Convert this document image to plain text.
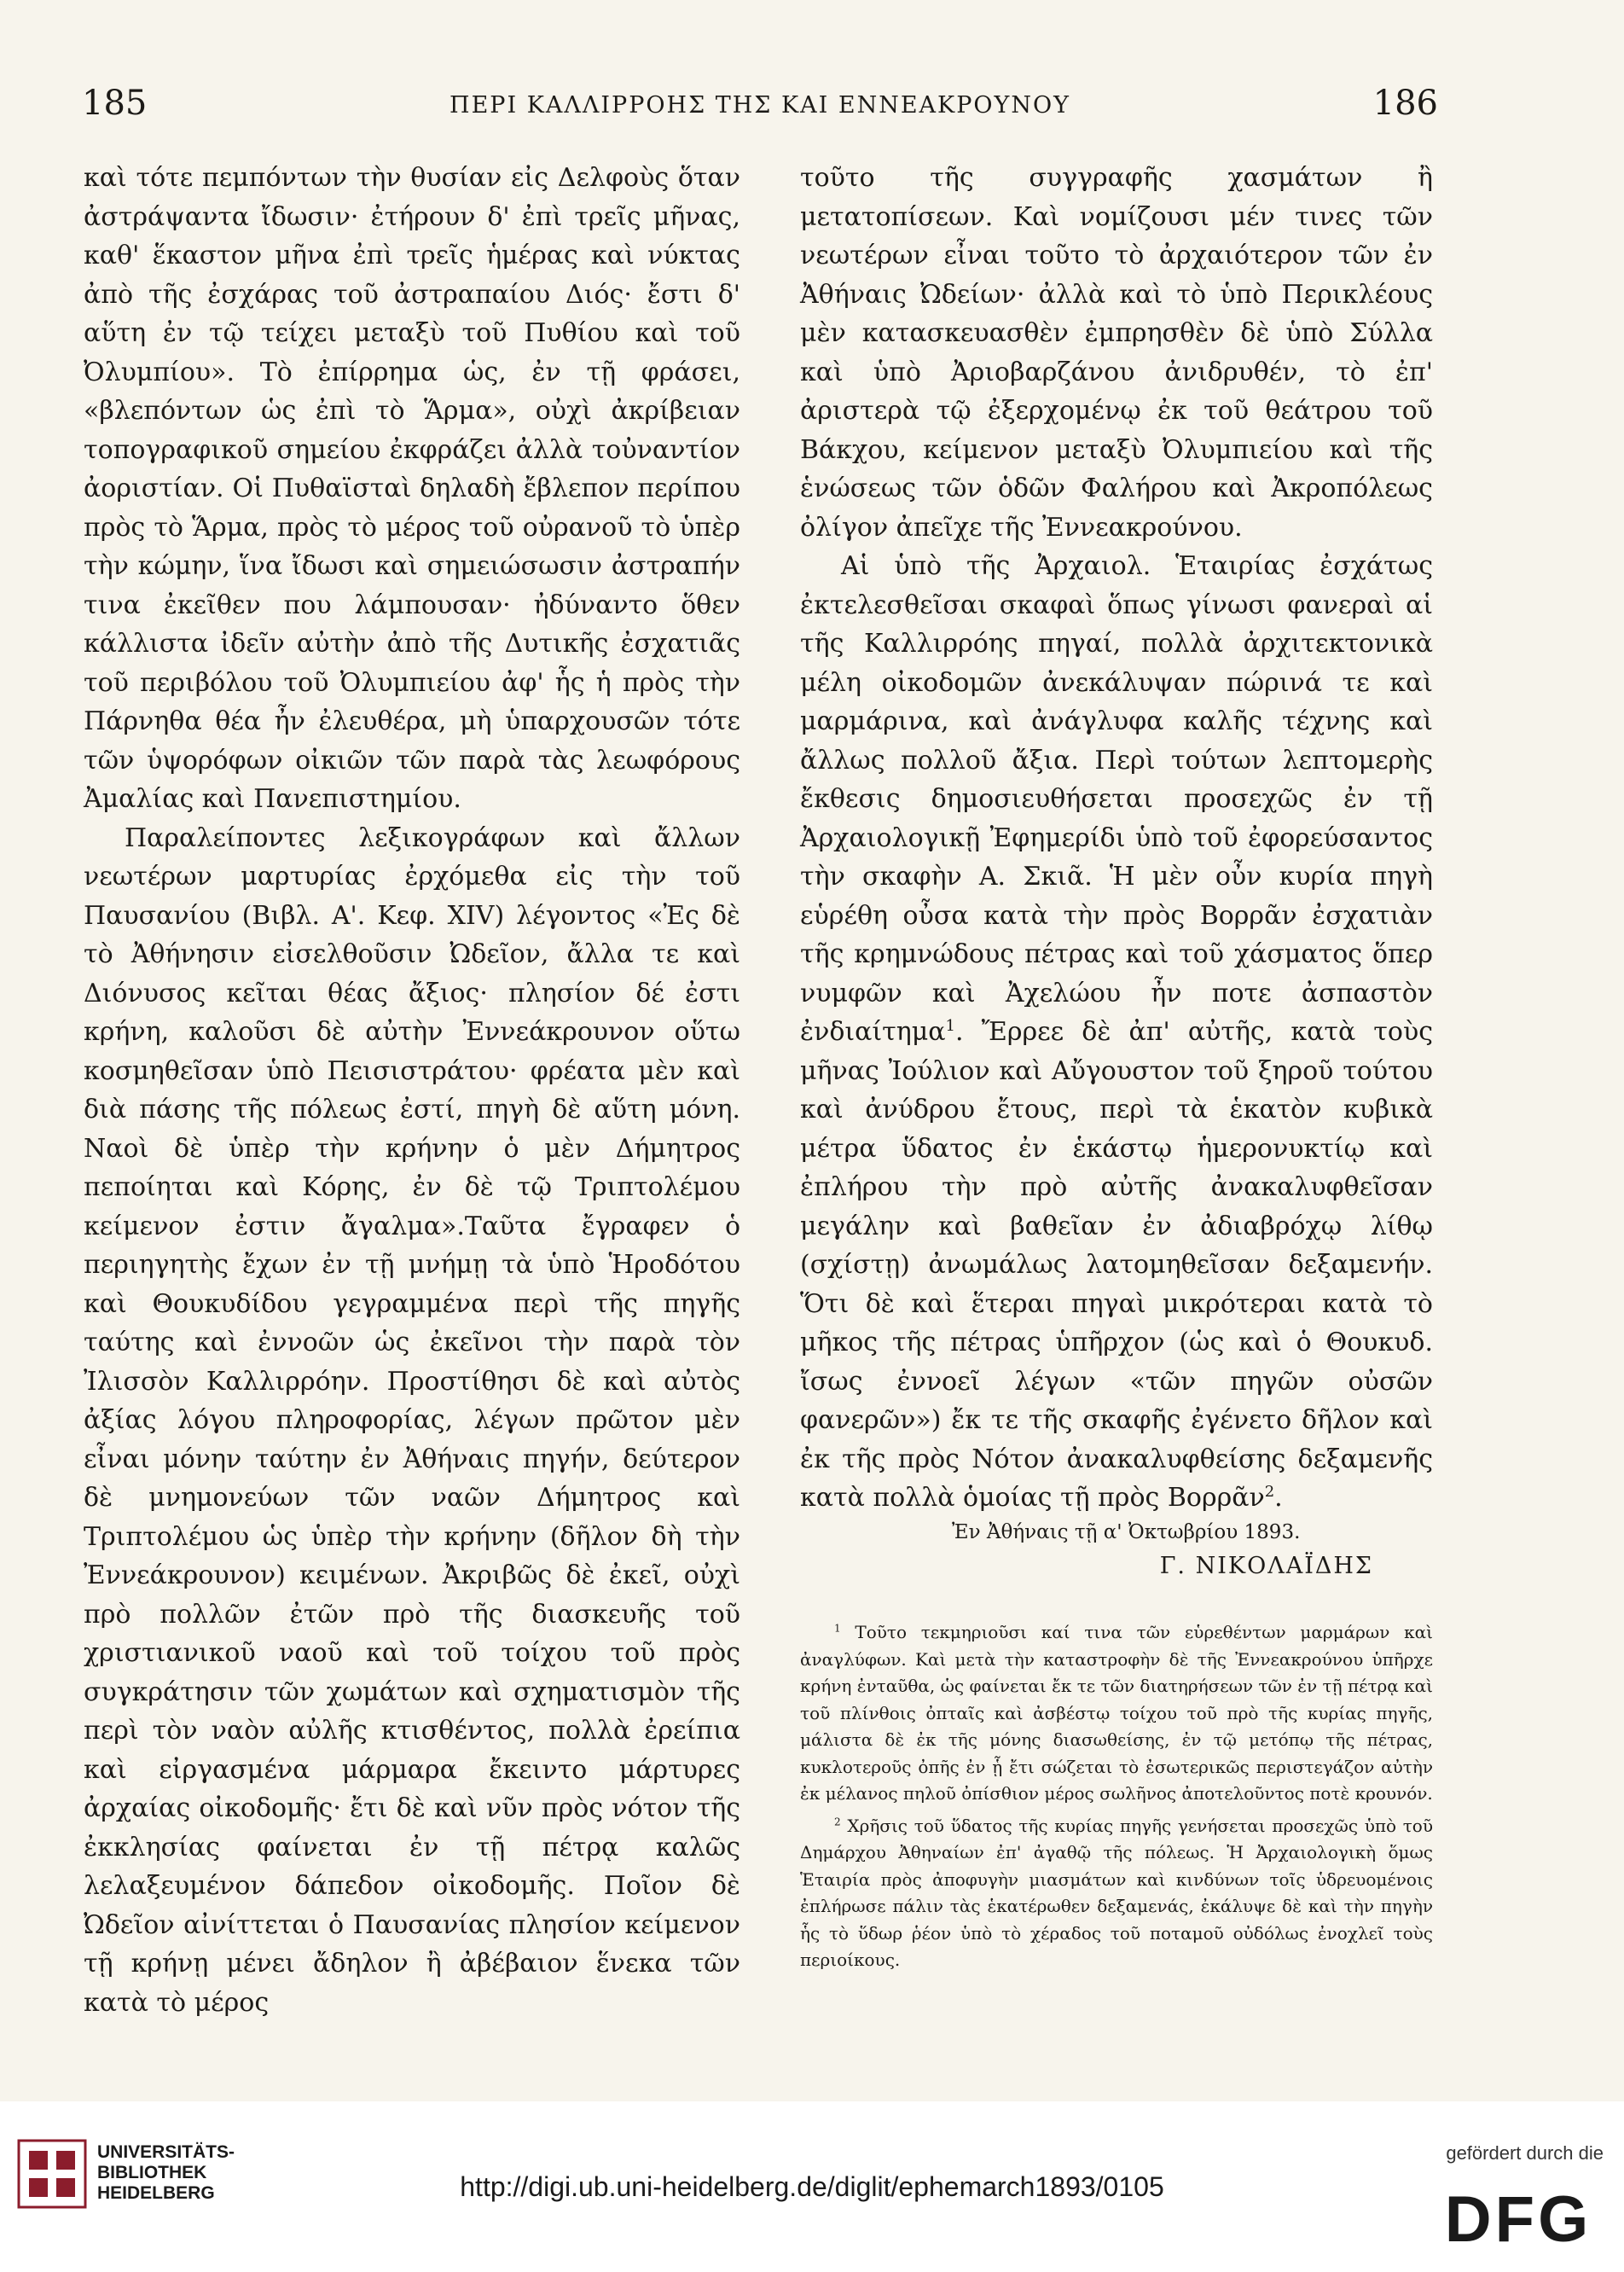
185	ΠΕΡΙ ΚΑΛΛΙΡΡΟΗΣ ΤΗΣ ΚΑΙ ΕΝΝΕΑΚΡΟΥΝΟΥ	186

καὶ τότε πεμπόντων τὴν θυσίαν εἰς Δελφοὺς ὅταν ἀστράψαντα ἴδωσιν· ἐτήρουν δ' ἐπὶ τρεῖς μῆνας, καθ' ἕκαστον μῆνα ἐπὶ τρεῖς ἡμέρας καὶ νύκτας ἀπὸ τῆς ἐσχάρας τοῦ ἀστραπαίου Διός· ἔστι δ' αὕτη ἐν τῷ τείχει μεταξὺ τοῦ Πυθίου καὶ τοῦ Ὀλυμπίου». Τὸ ἐπίρρημα ὡς, ἐν τῇ φράσει, «βλεπόντων ὡς ἐπὶ τὸ Ἅρμα», οὐχὶ ἀκρίβειαν τοπογραφικοῦ σημείου ἐκφράζει ἀλλὰ τοὐναντίον ἀοριστίαν. Οἱ Πυθαϊσταὶ δηλαδὴ ἔβλεπον περίπου πρὸς τὸ Ἅρμα, πρὸς τὸ μέρος τοῦ οὐρανοῦ τὸ ὑπὲρ τὴν κώμην, ἵνα ἴδωσι καὶ σημειώσωσιν ἀστραπήν τινα ἐκεῖθεν που λάμπουσαν· ἠδύναντο ὅθεν κάλλιστα ἰδεῖν αὐτὴν ἀπὸ τῆς Δυτικῆς ἐσχατιᾶς τοῦ περιβόλου τοῦ Ὀλυμπιείου ἀφ' ἧς ἡ πρὸς τὴν Πάρνηθα θέα ἦν ἐλευθέρα, μὴ ὑπαρχουσῶν τότε τῶν ὑψορόφων οἰκιῶν τῶν παρὰ τὰς λεωφόρους Ἀμαλίας καὶ Πανεπιστημίου.

Παραλείποντες λεξικογράφων καὶ ἄλλων νεωτέρων μαρτυρίας ἐρχόμεθα εἰς τὴν τοῦ Παυσανίου (Βιβλ. Α'. Κεφ. XIV) λέγοντος «Ἐς δὲ τὸ Ἀθήνησιν εἰσελθοῦσιν Ὠδεῖον, ἄλλα τε καὶ Διόνυσος κεῖται θέας ἄξιος· πλησίον δέ ἐστι κρήνη, καλοῦσι δὲ αὐτὴν Ἐννεάκρουνον οὕτω κοσμηθεῖσαν ὑπὸ Πεισιστράτου· φρέατα μὲν καὶ διὰ πάσης τῆς πόλεως ἐστί, πηγὴ δὲ αὕτη μόνη. Ναοὶ δὲ ὑπὲρ τὴν κρήνην ὁ μὲν Δήμητρος πεποίηται καὶ Κόρης, ἐν δὲ τῷ Τριπτολέμου κείμενον ἐστιν ἄγαλμα».Ταῦτα ἔγραφεν ὁ περιηγητὴς ἔχων ἐν τῇ μνήμῃ τὰ ὑπὸ Ἡροδότου καὶ Θουκυδίδου γεγραμμένα περὶ τῆς πηγῆς ταύτης καὶ ἐννοῶν ὡς ἐκεῖνοι τὴν παρὰ τὸν Ἰλισσὸν Καλλιρρόην. Προστίθησι δὲ καὶ αὐτὸς ἀξίας λόγου πληροφορίας, λέγων πρῶτον μὲν εἶναι μόνην ταύτην ἐν Ἀθήναις πηγήν, δεύτερον δὲ μνημονεύων τῶν ναῶν Δήμητρος καὶ Τριπτολέμου ὡς ὑπὲρ τὴν κρήνην (δῆλον δὴ τὴν Ἐννεάκρουνον) κειμένων. Ἀκριβῶς δὲ ἐκεῖ, οὐχὶ πρὸ πολλῶν ἐτῶν πρὸ τῆς διασκευῆς τοῦ χριστιανικοῦ ναοῦ καὶ τοῦ τοίχου τοῦ πρὸς συγκράτησιν τῶν χωμάτων καὶ σχηματισμὸν τῆς περὶ τὸν ναὸν αὐλῆς κτισθέντος, πολλὰ ἐρείπια καὶ εἰργασμένα μάρμαρα ἔκειντο μάρτυρες ἀρχαίας οἰκοδομῆς· ἔτι δὲ καὶ νῦν πρὸς νότον τῆς ἐκκλησίας φαίνεται ἐν τῇ πέτρᾳ καλῶς λελαξευμένον δάπεδον οἰκοδομῆς. Ποῖον δὲ Ὠδεῖον αἰνίττεται ὁ Παυσανίας πλησίον κείμενον τῇ κρήνῃ μένει ἄδηλον ἢ ἀβέβαιον ἕνεκα τῶν κατὰ τὸ μέρος

τοῦτο τῆς συγγραφῆς χασμάτων ἢ μετατοπίσεων. Καὶ νομίζουσι μέν τινες τῶν νεωτέρων εἶναι τοῦτο τὸ ἀρχαιότερον τῶν ἐν Ἀθήναις Ὠδείων· ἀλλὰ καὶ τὸ ὑπὸ Περικλέους μὲν κατασκευασθὲν ἐμπρησθὲν δὲ ὑπὸ Σύλλα καὶ ὑπὸ Ἀριοβαρζάνου ἀνιδρυθέν, τὸ ἐπ' ἀριστερὰ τῷ ἐξερχομένῳ ἐκ τοῦ θεάτρου τοῦ Βάκχου, κείμενον μεταξὺ Ὀλυμπιείου καὶ τῆς ἑνώσεως τῶν ὁδῶν Φαλήρου καὶ Ἀκροπόλεως ὀλίγον ἀπεῖχε τῆς Ἐννεακρούνου.

Αἱ ὑπὸ τῆς Ἀρχαιολ. Ἑταιρίας ἐσχάτως ἐκτελεσθεῖσαι σκαφαὶ ὅπως γίνωσι φανεραὶ αἱ τῆς Καλλιρρόης πηγαί, πολλὰ ἀρχιτεκτονικὰ μέλη οἰκοδομῶν ἀνεκάλυψαν πώρινά τε καὶ μαρμάρινα, καὶ ἀνάγλυφα καλῆς τέχνης καὶ ἄλλως πολλοῦ ἄξια. Περὶ τούτων λεπτομερὴς ἔκθεσις δημοσιευθήσεται προσεχῶς ἐν τῇ Ἀρχαιολογικῇ Ἐφημερίδι ὑπὸ τοῦ ἐφορεύσαντος τὴν σκαφὴν Α. Σκιᾶ. Ἡ μὲν οὖν κυρία πηγὴ εὑρέθη οὖσα κατὰ τὴν πρὸς Βορρᾶν ἐσχατιὰν τῆς κρημνώδους πέτρας καὶ τοῦ χάσματος ὅπερ νυμφῶν καὶ Ἀχελώου ἦν ποτε ἀσπαστὸν ἐνδιαίτημα$^1$. Ἔρρεε δὲ ἀπ' αὐτῆς, κατὰ τοὺς μῆνας Ἰούλιον καὶ Αὔγουστον τοῦ ξηροῦ τούτου καὶ ἀνύδρου ἔτους, περὶ τὰ ἑκατὸν κυβικὰ μέτρα ὕδατος ἐν ἑκάστῳ ἡμερονυκτίῳ καὶ ἐπλήρου τὴν πρὸ αὐτῆς ἀνακαλυφθεῖσαν μεγάλην καὶ βαθεῖαν ἐν ἀδιαβρόχῳ λίθῳ (σχίστῃ) ἀνωμάλως λατομηθεῖσαν δεξαμενήν. Ὅτι δὲ καὶ ἕτεραι πηγαὶ μικρότεραι κατὰ τὸ μῆκος τῆς πέτρας ὑπῆρχον (ὡς καὶ ὁ Θουκυδ. ἴσως ἐννοεῖ λέγων «τῶν πηγῶν οὐσῶν φανερῶν») ἔκ τε τῆς σκαφῆς ἐγένετο δῆλον καὶ ἐκ τῆς πρὸς Νότον ἀνακαλυφθείσης δεξαμενῆς κατὰ πολλὰ ὁμοίας τῇ πρὸς Βορρᾶν$^2$.

Ἐν Ἀθήναις τῇ α' Ὀκτωβρίου 1893.

Γ. ΝΙΚΟΛΑΪΔΗΣ

$^1$ Τοῦτο τεκμηριοῦσι καί τινα τῶν εὑρεθέντων μαρμάρων καὶ ἀναγλύφων. Καὶ μετὰ τὴν καταστροφὴν δὲ τῆς Ἐννεακρούνου ὑπῆρχε κρήνη ἐνταῦθα, ὡς φαίνεται ἔκ τε τῶν διατηρήσεων τῶν ἐν τῇ πέτρᾳ καὶ τοῦ πλίνθοις ὀπταῖς καὶ ἀσβέστῳ τοίχου τοῦ πρὸ τῆς κυρίας πηγῆς, μάλιστα δὲ ἐκ τῆς μόνης διασωθείσης, ἐν τῷ μετόπῳ τῆς πέτρας, κυκλοτεροῦς ὀπῆς ἐν ᾗ ἔτι σώζεται τὸ ἐσωτερικῶς περιστεγάζον αὐτὴν ἐκ μέλανος πηλοῦ ὀπίσθιον μέρος σωλῆνος ἀποτελοῦντος ποτὲ κρουνόν.

$^2$ Χρῆσις τοῦ ὕδατος τῆς κυρίας πηγῆς γενήσεται προσεχῶς ὑπὸ τοῦ Δημάρχου Ἀθηναίων ἐπ' ἀγαθῷ τῆς πόλεως. Ἡ Ἀρχαιολογικὴ ὅμως Ἑταιρία πρὸς ἀποφυγὴν μιασμάτων καὶ κινδύνων τοῖς ὑδρευομένοις ἐπλήρωσε πάλιν τὰς ἑκατέρωθεν δεξαμενάς, ἐκάλυψε δὲ καὶ τὴν πηγὴν ἧς τὸ ὕδωρ ῥέον ὑπὸ τὸ χέραδος τοῦ ποταμοῦ οὐδόλως ἐνοχλεῖ τοὺς περιοίκους.

UNIVERSITÄTS-
BIBLIOTHEK
HEIDELBERG	http://digi.ub.uni-heidelberg.de/diglit/ephemarch1893/0105
gefördert durch die
DFG
